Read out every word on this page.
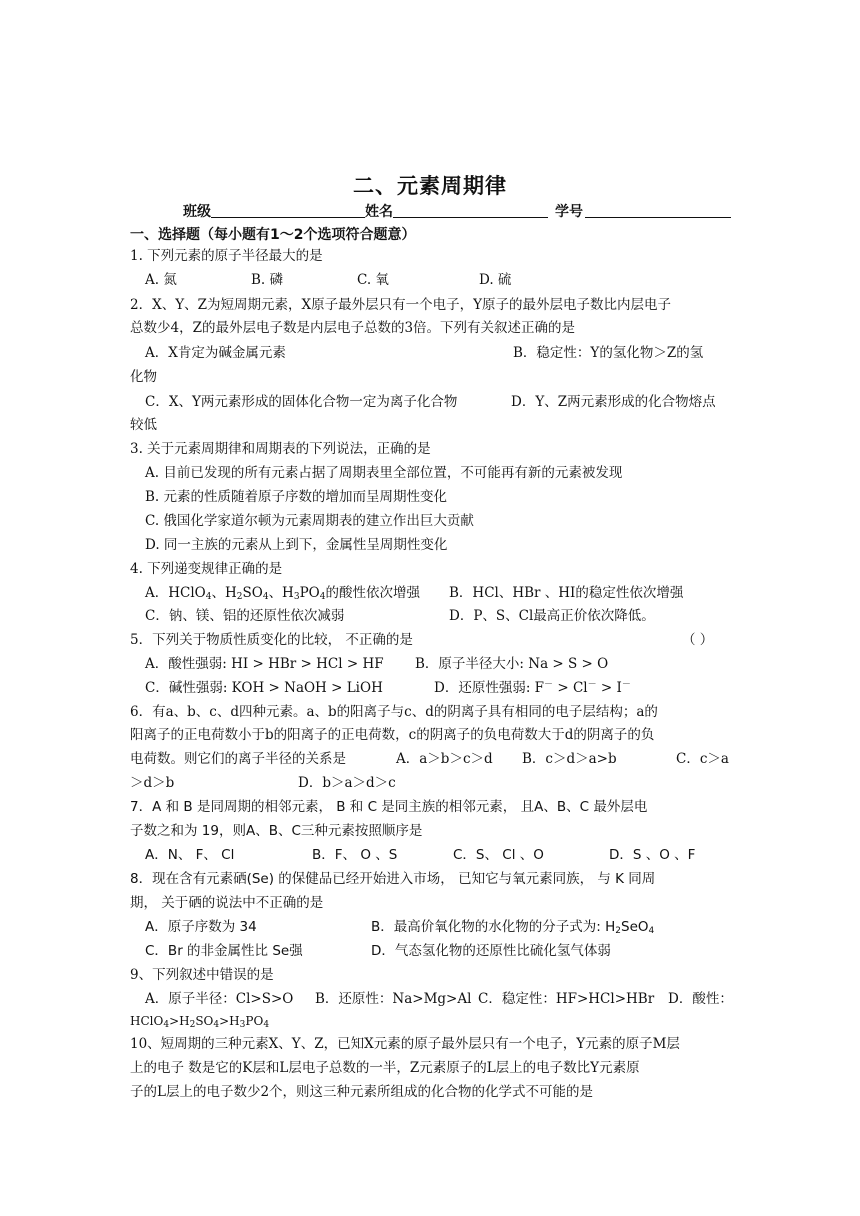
二、元素周期律
班级	姓名	学号
一、选择题（每小题有1～2个选项符合题意）
1. 下列元素的原子半径最大的是
A. 氮	B. 磷	C. 氧	D. 硫
2．X、Y、Z为短周期元素，X原子最外层只有一个电子，Y原子的最外层电子数比内层电子
总数少4，Z的最外层电子数是内层电子总数的3倍。下列有关叙述正确的是
A．X肯定为碱金属元素	B．稳定性：Y的氢化物＞Z的氢
化物
C．X、Y两元素形成的固体化合物一定为离子化合物	D．Y、Z两元素形成的化合物熔点
较低
3. 关于元素周期律和周期表的下列说法，正确的是
A. 目前已发现的所有元素占据了周期表里全部位置，不可能再有新的元素被发现
B. 元素的性质随着原子序数的增加而呈周期性变化
C. 俄国化学家道尔顿为元素周期表的建立作出巨大贡献
D. 同一主族的元素从上到下，金属性呈周期性变化
4. 下列递变规律正确的是
A．HClO$_4$、$H_2SO_4$、$H_3PO_4$的酸性依次增强 B．HCl、HBr 、HI的稳定性依次增强
C．钠、镁、铝的还原性依次减弱	D．P、S、Cl最高正价依次降低。
5．下列关于物质性质变化的比较， 不正确的是	（ ）
A．酸性强弱: HI > HBr > HCl > HF B．原子半径大小: Na > S > O
C．碱性强弱: KOH > NaOH > LiOH	D．还原性强弱: F－ > Cl－ > I－
6．有a、b、c、d四种元素。a、b的阳离子与c、d的阴离子具有相同的电子层结构；a的
阳离子的正电荷数小于b的阳离子的正电荷数，c的阴离子的负电荷数大于d的阴离子的负
电荷数。则它们的离子半径的关系是	A．a＞b＞c＞d B．c＞d＞a>b	C．c＞a
＞d＞b	D．b＞a＞d＞c
7．A 和 B 是同周期的相邻元素， B 和 C 是同主族的相邻元素， 且A、B、C 最外层电
子数之和为 19，则A、B、C三种元素按照顺序是
A．N、 F、 Cl	B．F、 O 、S	C．S、 Cl 、O	D．S 、O 、F
8．现在含有元素硒(Se) 的保健品已经开始进入市场， 已知它与氧元素同族， 与 K 同周
期， 关于硒的说法中不正确的是
A．原子序数为 34	B．最高价氧化物的水化物的分子式为: $H_2SeO_4$
C．Br 的非金属性比 Se强	D．气态氢化物的还原性比硫化氢气体弱
9、下列叙述中错误的是
A．原子半径：Cl>S>O B．还原性：Na>Mg>Al C．稳定性：HF>HCl>HBr D．酸性：
$HClO_4>H_2SO_4>H_3PO_4$
10、短周期的三种元素X、Y、Z，已知X元素的原子最外层只有一个电子，Y元素的原子M层
上的电子 数是它的K层和L层电子总数的一半，Z元素原子的L层上的电子数比Y元素原
子的L层上的电子数少2个，则这三种元素所组成的化合物的化学式不可能的是
